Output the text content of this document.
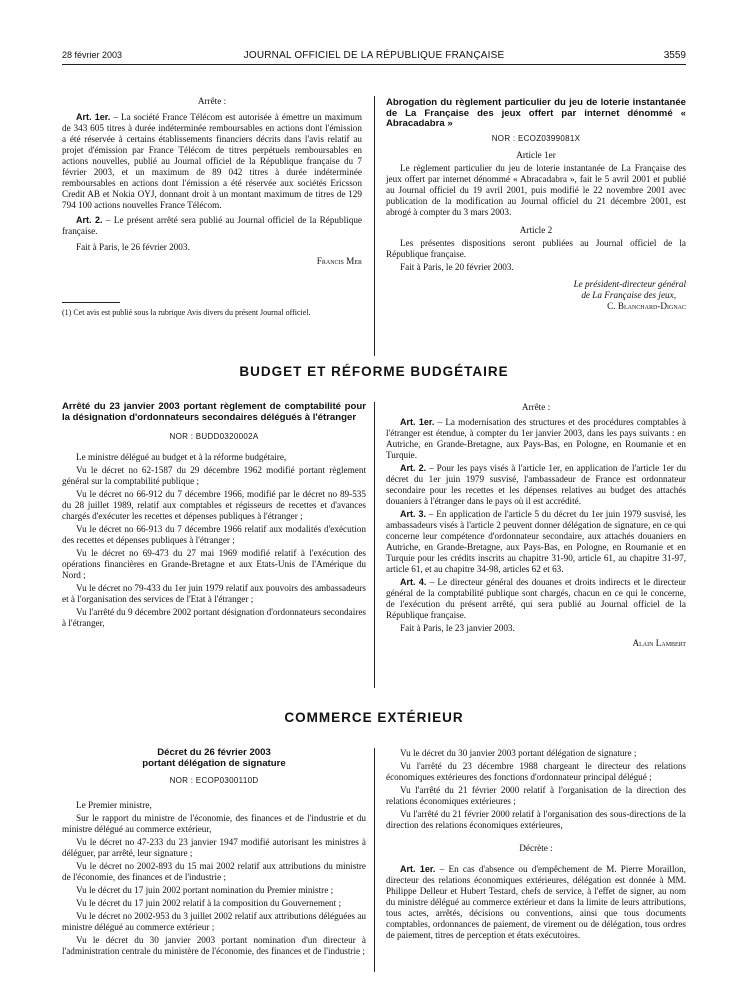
28 février 2003	JOURNAL OFFICIEL DE LA RÉPUBLIQUE FRANÇAISE	3559

Arrête :

Art. 1er. – La société France Télécom est autorisée à émettre un maximum de 343 605 titres à durée indéterminée remboursables en actions dont l'émission a été réservée à certains établissements financiers décrits dans l'avis relatif au projet d'émission par France Télécom de titres perpétuels remboursables en actions nouvelles, publié au Journal officiel de la République française du 7 février 2003, et un maximum de 89 042 titres à durée indéterminée remboursables en actions dont l'émission a été réservée aux sociétés Ericsson Credit AB et Nokia OYJ, donnant droit à un montant maximum de titres de 129 794 100 actions nouvelles France Télécom.

Art. 2. – Le présent arrêté sera publié au Journal officiel de la République française.

Fait à Paris, le 26 février 2003.

Francis Mer

(1) Cet avis est publié sous la rubrique Avis divers du présent Journal officiel.

Abrogation du règlement particulier du jeu de loterie instantanée de La Française des jeux offert par internet dénommé « Abracadabra »

NOR : ECOZ0399081X

Article 1er

Le règlement particulier du jeu de loterie instantanée de La Française des jeux offert par internet dénommé « Abracadabra », fait le 5 avril 2001 et publié au Journal officiel du 19 avril 2001, puis modifié le 22 novembre 2001 avec publication de la modification au Journal officiel du 21 décembre 2001, est abrogé à compter du 3 mars 2003.

Article 2

Les présentes dispositions seront publiées au Journal officiel de la République française.

Fait à Paris, le 20 février 2003.

Le président-directeur général

de La Française des jeux,

C. Blanchard-Dignac

BUDGET ET RÉFORME BUDGÉTAIRE

Arrêté du 23 janvier 2003 portant règlement de comptabilité pour la désignation d'ordonnateurs secondaires délégués à l'étranger

NOR : BUDD0320002A

Le ministre délégué au budget et à la réforme budgétaire,

Vu le décret no 62-1587 du 29 décembre 1962 modifié portant règlement général sur la comptabilité publique ;

Vu le décret no 66-912 du 7 décembre 1966, modifié par le décret no 89-535 du 28 juillet 1989, relatif aux comptables et régisseurs de recettes et d'avances chargés d'exécuter les recettes et dépenses publiques à l'étranger ;

Vu le décret no 66-913 du 7 décembre 1966 relatif aux modalités d'exécution des recettes et dépenses publiques à l'étranger ;

Vu le décret no 69-473 du 27 mai 1969 modifié relatif à l'exécution des opérations financières en Grande-Bretagne et aux Etats-Unis de l'Amérique du Nord ;

Vu le décret no 79-433 du 1er juin 1979 relatif aux pouvoirs des ambassadeurs et à l'organisation des services de l'Etat à l'étranger ;

Vu l'arrêté du 9 décembre 2002 portant désignation d'ordonnateurs secondaires à l'étranger,

Arrête :

Art. 1er. – La modernisation des structures et des procédures comptables à l'étranger est étendue, à compter du 1er janvier 2003, dans les pays suivants : en Autriche, en Grande-Bretagne, aux Pays-Bas, en Pologne, en Roumanie et en Turquie.

Art. 2. – Pour les pays visés à l'article 1er, en application de l'article 1er du décret du 1er juin 1979 susvisé, l'ambassadeur de France est ordonnateur secondaire pour les recettes et les dépenses relatives au budget des attachés douaniers à l'étranger dans le pays où il est accrédité.

Art. 3. – En application de l'article 5 du décret du 1er juin 1979 susvisé, les ambassadeurs visés à l'article 2 peuvent donner délégation de signature, en ce qui concerne leur compétence d'ordonnateur secondaire, aux attachés douaniers en Autriche, en Grande-Bretagne, aux Pays-Bas, en Pologne, en Roumanie et en Turquie pour les crédits inscrits au chapitre 31-90, article 61, au chapitre 31-97, article 61, et au chapitre 34-98, articles 62 et 63.

Art. 4. – Le directeur général des douanes et droits indirects et le directeur général de la comptabilité publique sont chargés, chacun en ce qui le concerne, de l'exécution du présent arrêté, qui sera publié au Journal officiel de la République française.

Fait à Paris, le 23 janvier 2003.

Alain Lambert

COMMERCE EXTÉRIEUR

Décret du 26 février 2003

portant délégation de signature

NOR : ECOP0300110D

Le Premier ministre,

Sur le rapport du ministre de l'économie, des finances et de l'industrie et du ministre délégué au commerce extérieur,

Vu le décret no 47-233 du 23 janvier 1947 modifié autorisant les ministres à déléguer, par arrêté, leur signature ;

Vu le décret no 2002-893 du 15 mai 2002 relatif aux attributions du ministre de l'économie, des finances et de l'industrie ;

Vu le décret du 17 juin 2002 portant nomination du Premier ministre ;

Vu le décret du 17 juin 2002 relatif à la composition du Gouvernement ;

Vu le décret no 2002-953 du 3 juillet 2002 relatif aux attributions déléguées au ministre délégué au commerce extérieur ;

Vu le décret du 30 janvier 2003 portant nomination d'un directeur à l'administration centrale du ministère de l'économie, des finances et de l'industrie ;

Vu le décret du 30 janvier 2003 portant délégation de signature ;

Vu l'arrêté du 23 décembre 1988 chargeant le directeur des relations économiques extérieures des fonctions d'ordonnateur principal délégué ;

Vu l'arrêté du 21 février 2000 relatif à l'organisation de la direction des relations économiques extérieures ;

Vu l'arrêté du 21 février 2000 relatif à l'organisation des sous-directions de la direction des relations économiques extérieures,

Décrète :

Art. 1er. – En cas d'absence ou d'empêchement de M. Pierre Moraillon, directeur des relations économiques extérieures, délégation est donnée à MM. Philippe Delleur et Hubert Testard, chefs de service, à l'effet de signer, au nom du ministre délégué au commerce extérieur et dans la limite de leurs attributions, tous actes, arrêtés, décisions ou conventions, ainsi que tous documents comptables, ordonnances de paiement, de virement ou de délégation, tous ordres de paiement, titres de perception et états exécutoires.
